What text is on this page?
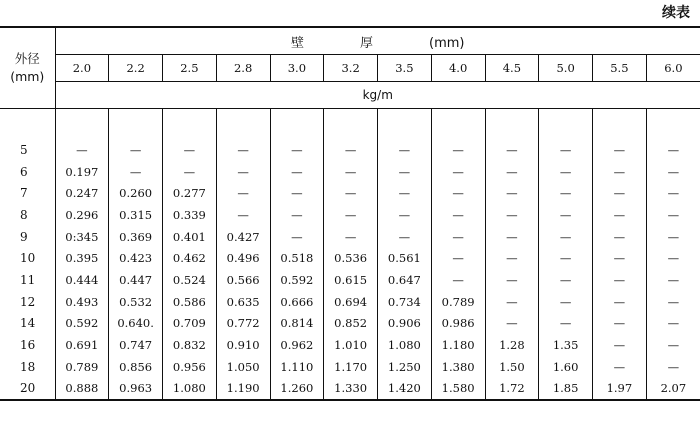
续表
外径
(mm)	壁 厚 (mm)											
	2.0	2.2	2.5	2.8	3.0	3.2	3.5	4.0	4.5	5.0	5.5	6.0
	kg/m											

5	—	—	—	—	—	—	—	—	—	—	—	—
6	0.197	—	—	—	—	—	—	—	—	—	—	—
7	0.247	0.260	0.277	—	—	—	—	—	—	—	—	—
8	0.296	0.315	0.339	—	—	—	—	—	—	—	—	—
9	0:345	0.369	0.401	0.427	—	—	—	—	—	—	—	—
10	0.395	0.423	0.462	0.496	0.518	0.536	0.561	—	—	—	—	—
11	0.444	0.447	0.524	0.566	0.592	0.615	0.647	—	—	—	—	—
12	0.493	0.532	0.586	0.635	0.666	0.694	0.734	0.789	—	—	—	—
14	0.592	0.640.	0.709	0.772	0.814	0.852	0.906	0.986	—	—	—	—
16	0.691	0.747	0.832	0.910	0.962	1.010	1.080	1.180	1.28	1.35	—	—
18	0.789	0.856	0.956	1.050	1.110	1.170	1.250	1.380	1.50	1.60	—	—
20	0.888	0.963	1.080	1.190	1.260	1.330	1.420	1.580	1.72	1.85	1.97	2.07
